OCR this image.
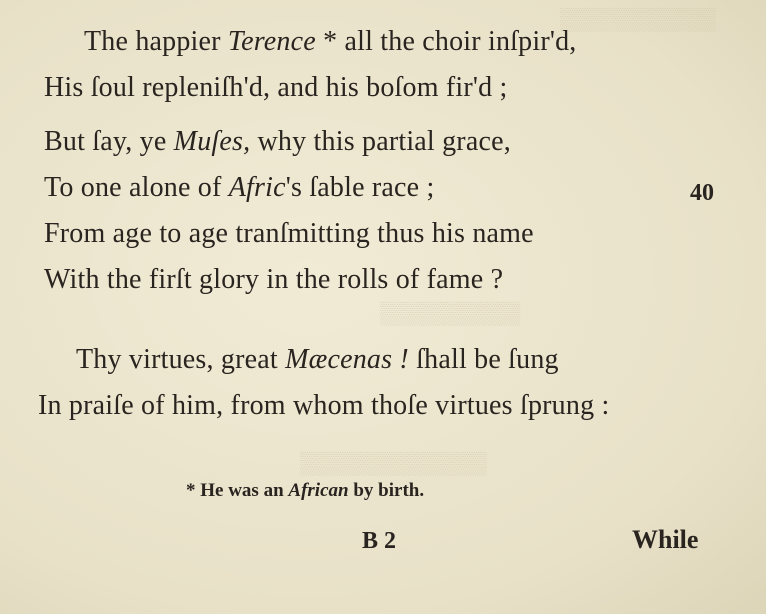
▒▒▒▒▒▒▒▒▒▒
▒▒▒▒▒▒▒▒▒
▒▒▒▒▒▒▒▒▒▒▒▒
The happier Terence * all the choir inſpir'd,
His ſoul repleniſh'd, and his boſom fir'd ;
But ſay, ye Muſes, why this partial grace,
To one alone of Afric's ſable race ;	40
From age to age tranſmitting thus his name
With the firſt glory in the rolls of fame ?
Thy virtues, great Mæcenas ! ſhall be ſung
In praiſe of him, from whom thoſe virtues ſprung :
* He was an African by birth.
B 2	While
